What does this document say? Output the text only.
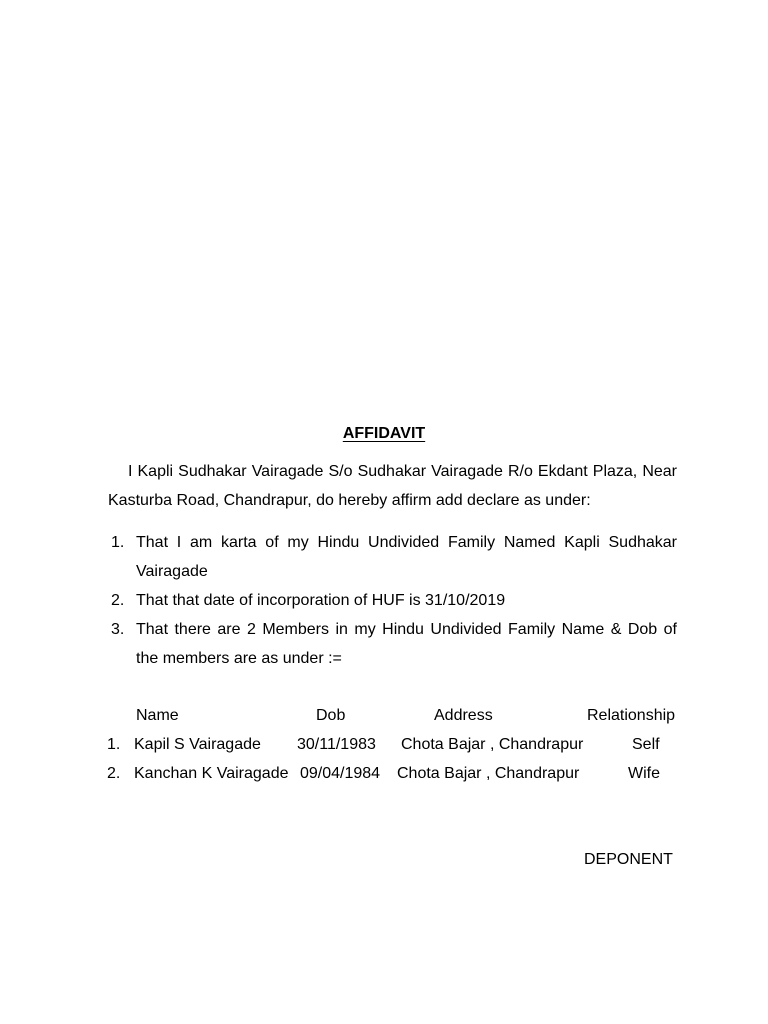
AFFIDAVIT

I Kapli Sudhakar Vairagade S/o Sudhakar Vairagade R/o Ekdant Plaza, Near Kasturba Road, Chandrapur, do hereby affirm add declare as under:

1. That I am karta of my Hindu Undivided Family Named Kapli Sudhakar Vairagade
2. That that date of incorporation of HUF is 31/10/2019
3. That there are 2 Members in my Hindu Undivided Family Name & Dob of the members are as under :=
Name	Dob	Address	Relationship
1. Kapil S Vairagade 30/11/1983 Chota Bajar , Chandrapur	Self
2. Kanchan K Vairagade 09/04/1984 Chota Bajar , Chandrapur	Wife
DEPONENT
